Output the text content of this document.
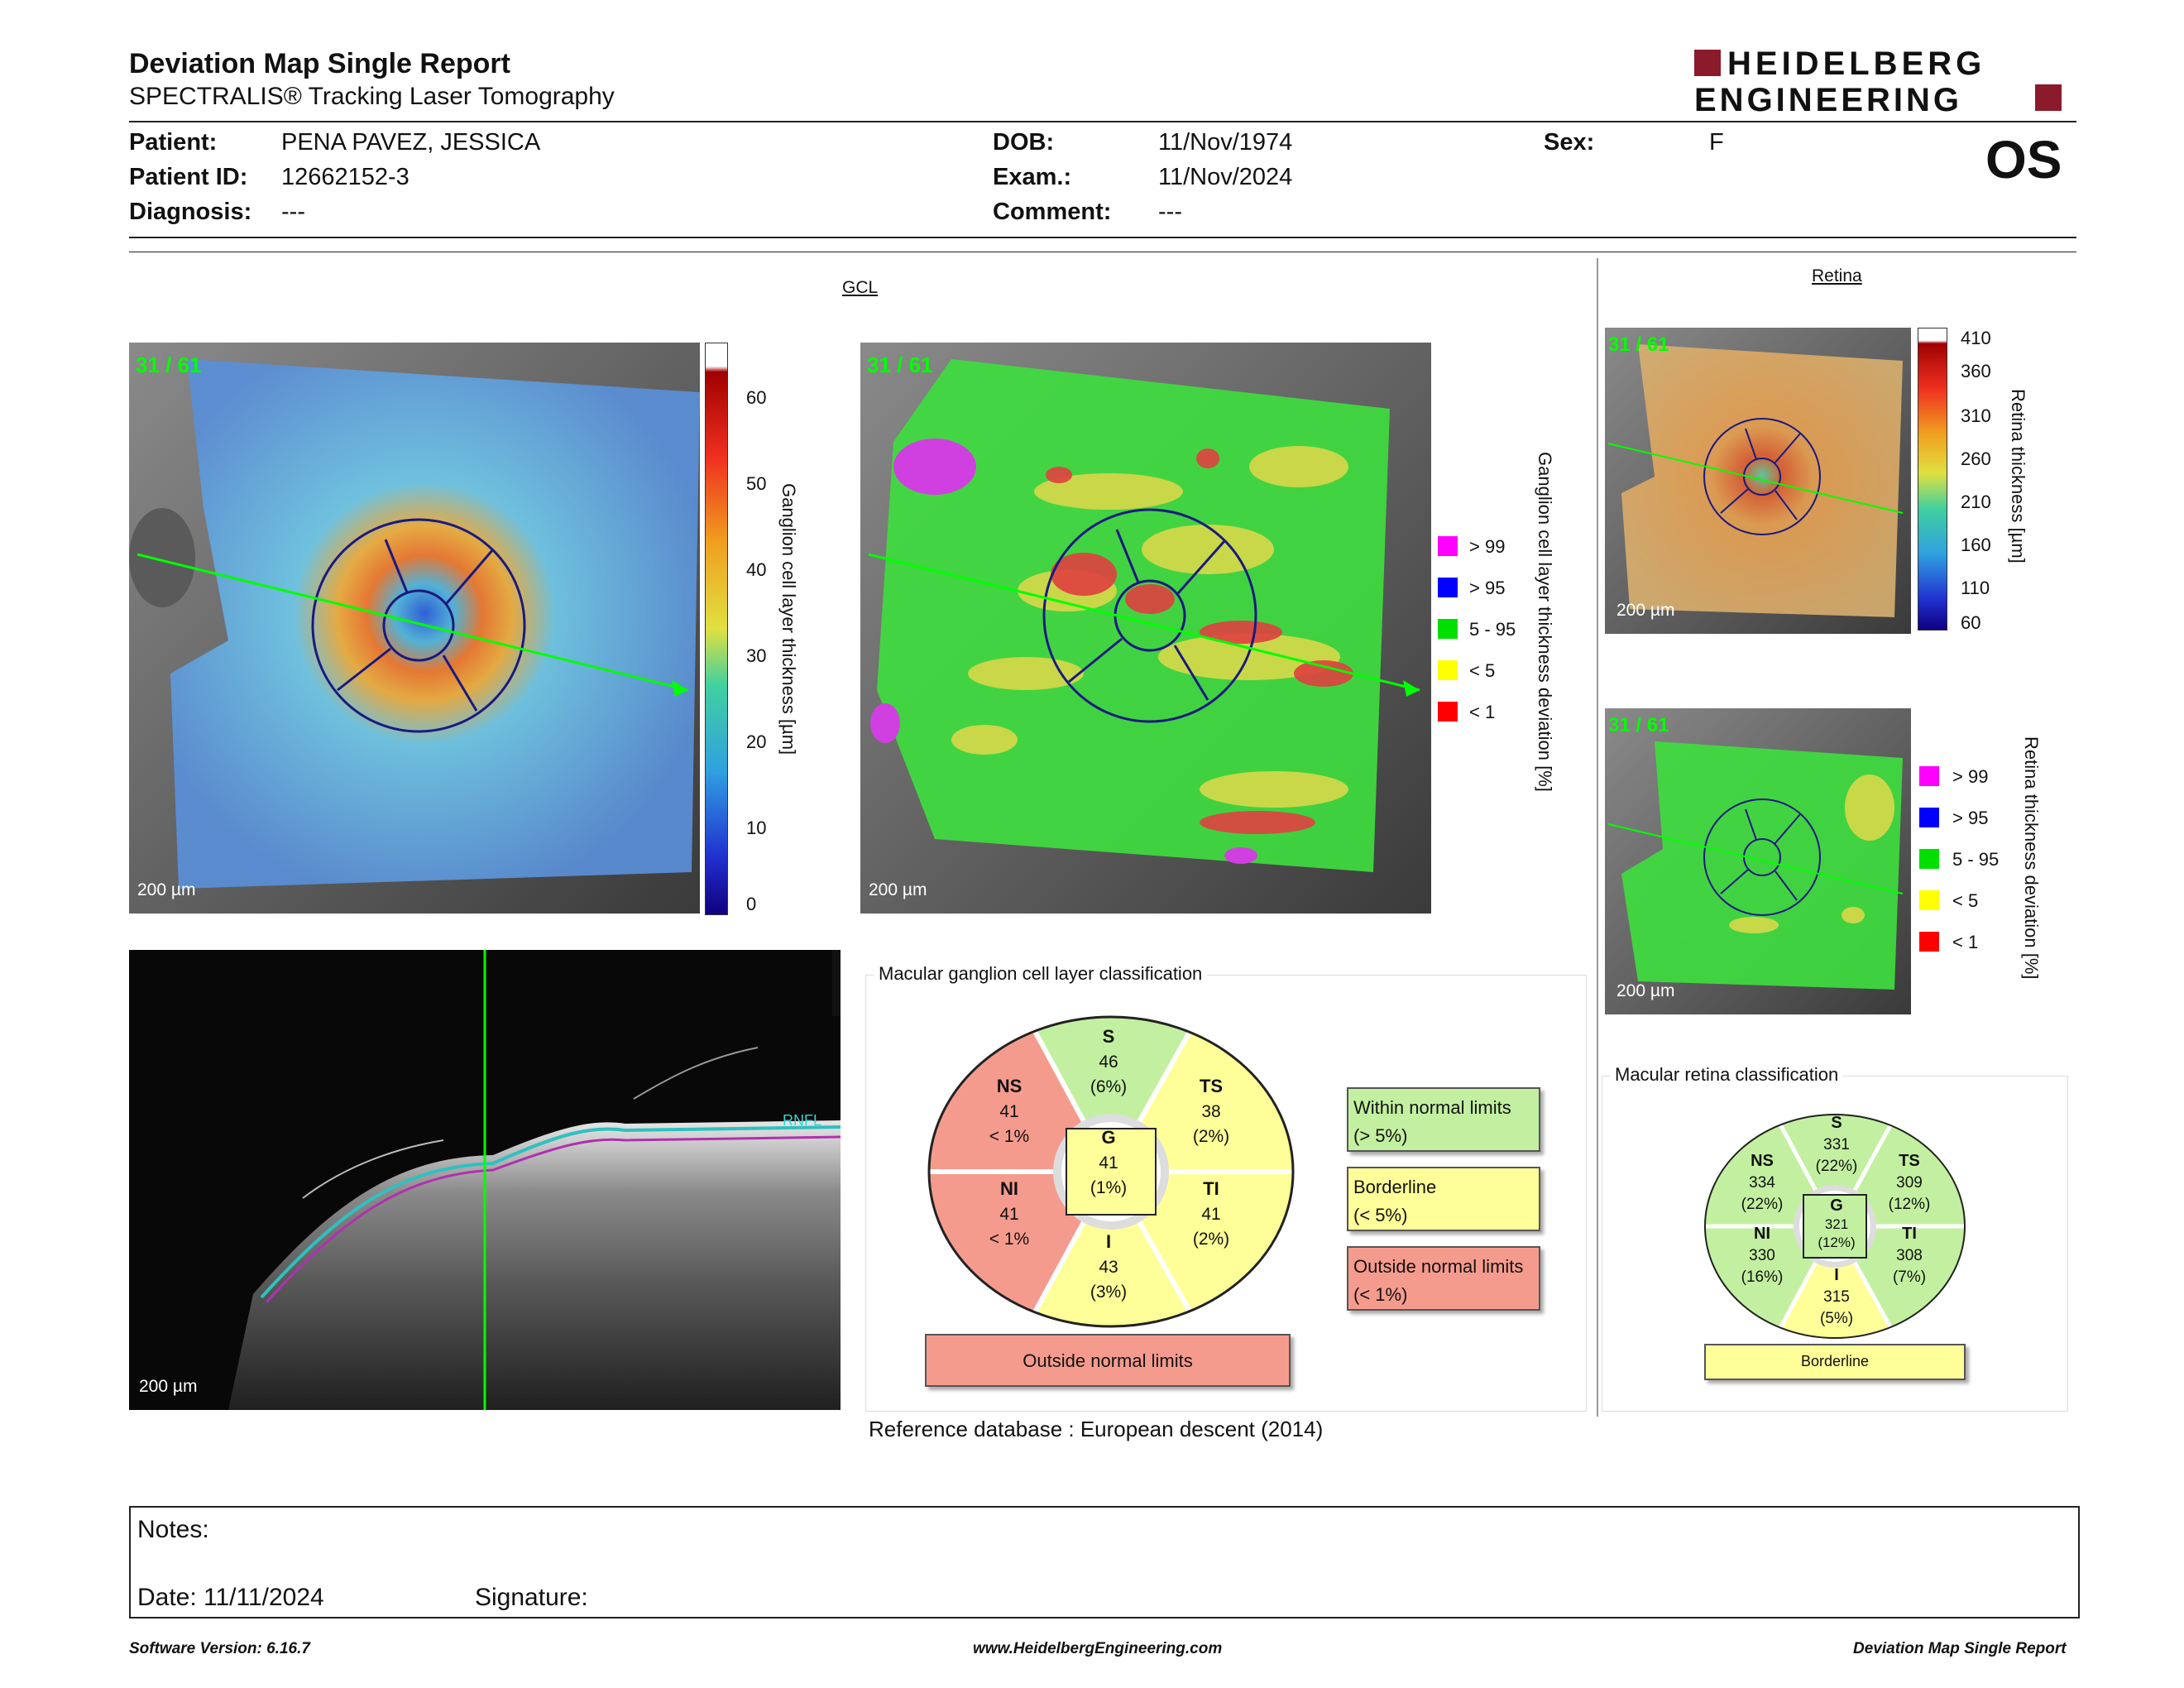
Deviation Map Single Report
SPECTRALIS® Tracking Laser Tomography
HEIDELBERG
ENGINEERING
Patient:	PENA PAVEZ, JESSICA
Patient ID: 12662152-3
Diagnosis: ---
DOB:	11/Nov/1974
Exam.:	11/Nov/2024
Comment: ---
Sex:	F	OS
GCL
31 / 61
200 µm
60
50
40
30
20
10
0
Ganglion cell layer thickness [µm]
31 / 61
200 µm
> 99
> 95
5 - 95
< 5
< 1 Ganglion cell layer thickness deviation [%]
Retina
31 / 61
200 µm
410
360
310
260
210
160
110
60
Retina thickness [µm]
31 / 61
200 µm
> 99
> 95
5 - 95
< 5
< 1 Retina thickness deviation [%]
RNFL
200 µm
Macular ganglion cell layer classification
S
46
(6%)
NS
41
< 1%
TS
38
(2%)
G
41
(1%)
NI
41
< 1%
TI
41
(2%)
I
43
(3%)
Outside normal limits
Within normal limits
(> 5%)
Borderline
(< 5%)
Outside normal limits
(< 1%)
Reference database : European descent (2014)
Macular retina classification
S
331
(22%)
NS
334
(22%)
TS
309
(12%)
G
321
(12%)
NI
330
(16%)
TI
308
(7%)
I
315
(5%)
Borderline
Notes:
Date: 11/11/2024	Signature:
Software Version: 6.16.7	www.HeidelbergEngineering.com	Deviation Map Single Report
